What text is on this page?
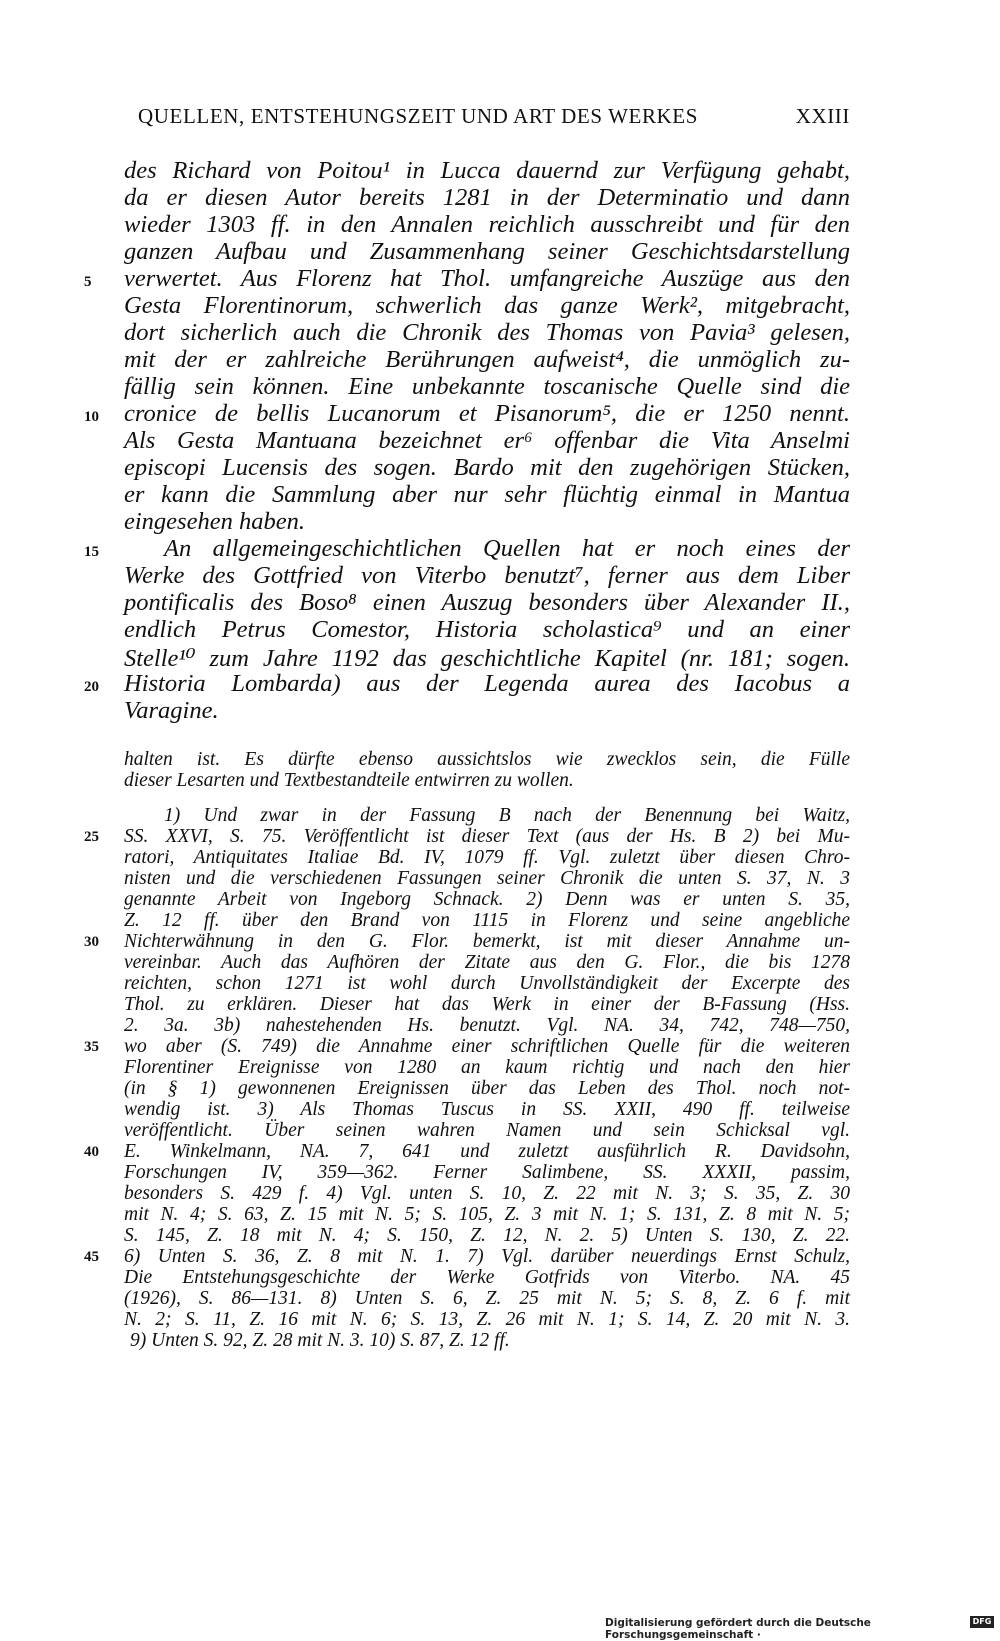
QUELLEN, ENTSTEHUNGSZEIT UND ART DES WERKES	XXIII
des Richard von Poitou¹ in Lucca dauernd zur Verfügung gehabt,
da er diesen Autor bereits 1281 in der Determinatio und dann
wieder 1303 ff. in den Annalen reichlich ausschreibt und für den
ganzen Aufbau und Zusammenhang seiner Geschichtsdarstellung
verwertet. Aus Florenz hat Thol. umfangreiche Auszüge aus den
Gesta Florentinorum, schwerlich das ganze Werk², mitgebracht,
dort sicherlich auch die Chronik des Thomas von Pavia³ gelesen,
mit der er zahlreiche Berührungen aufweist⁴, die unmöglich zu-
fällig sein können. Eine unbekannte toscanische Quelle sind die
cronice de bellis Lucanorum et Pisanorum⁵, die er 1250 nennt.
Als Gesta Mantuana bezeichnet er⁶ offenbar die Vita Anselmi
episcopi Lucensis des sogen. Bardo mit den zugehörigen Stücken,
er kann die Sammlung aber nur sehr flüchtig einmal in Mantua
eingesehen haben.
An allgemeingeschichtlichen Quellen hat er noch eines der
Werke des Gottfried von Viterbo benutzt⁷, ferner aus dem Liber
pontificalis des Boso⁸ einen Auszug besonders über Alexander II.,
endlich Petrus Comestor, Historia scholastica⁹ und an einer
Stelle¹⁰ zum Jahre 1192 das geschichtliche Kapitel (nr. 181; sogen.
Historia Lombarda) aus der Legenda aurea des Iacobus a
Varagine.
5
10
15
20
halten ist. Es dürfte ebenso aussichtslos wie zwecklos sein, die Fülle
dieser Lesarten und Textbestandteile entwirren zu wollen.
1) Und zwar in der Fassung B nach der Benennung bei Waitz,
SS. XXVI, S. 75. Veröffentlicht ist dieser Text (aus der Hs. B 2) bei Mu-
ratori, Antiquitates Italiae Bd. IV, 1079 ff. Vgl. zuletzt über diesen Chro-
nisten und die verschiedenen Fassungen seiner Chronik die unten S. 37, N. 3
genannte Arbeit von Ingeborg Schnack. 2) Denn was er unten S. 35,
Z. 12 ff. über den Brand von 1115 in Florenz und seine angebliche
Nichterwähnung in den G. Flor. bemerkt, ist mit dieser Annahme un-
vereinbar. Auch das Aufhören der Zitate aus den G. Flor., die bis 1278
reichten, schon 1271 ist wohl durch Unvollständigkeit der Excerpte des
Thol. zu erklären. Dieser hat das Werk in einer der B-Fassung (Hss.
2. 3a. 3b) nahestehenden Hs. benutzt. Vgl. NA. 34, 742, 748—750,
wo aber (S. 749) die Annahme einer schriftlichen Quelle für die weiteren
Florentiner Ereignisse von 1280 an kaum richtig und nach den hier
(in § 1) gewonnenen Ereignissen über das Leben des Thol. noch not-
wendig ist. 3) Als Thomas Tuscus in SS. XXII, 490 ff. teilweise
veröffentlicht. Über seinen wahren Namen und sein Schicksal vgl.
E. Winkelmann, NA. 7, 641 und zuletzt ausführlich R. Davidsohn,
Forschungen IV, 359—362. Ferner Salimbene, SS. XXXII, passim,
besonders S. 429 f. 4) Vgl. unten S. 10, Z. 22 mit N. 3; S. 35, Z. 30
mit N. 4; S. 63, Z. 15 mit N. 5; S. 105, Z. 3 mit N. 1; S. 131, Z. 8 mit N. 5;
S. 145, Z. 18 mit N. 4; S. 150, Z. 12, N. 2. 5) Unten S. 130, Z. 22.
6) Unten S. 36, Z. 8 mit N. 1. 7) Vgl. darüber neuerdings Ernst Schulz,
Die Entstehungsgeschichte der Werke Gotfrids von Viterbo. NA. 45
(1926), S. 86—131. 8) Unten S. 6, Z. 25 mit N. 5; S. 8, Z. 6 f. mit
N. 2; S. 11, Z. 16 mit N. 6; S. 13, Z. 26 mit N. 1; S. 14, Z. 20 mit N. 3.
9) Unten S. 92, Z. 28 mit N. 3. 10) S. 87, Z. 12 ff.
25
30
35
40
45
Digitalisierung gefördert durch die Deutsche Forschungsgemeinschaft ·
DFG
